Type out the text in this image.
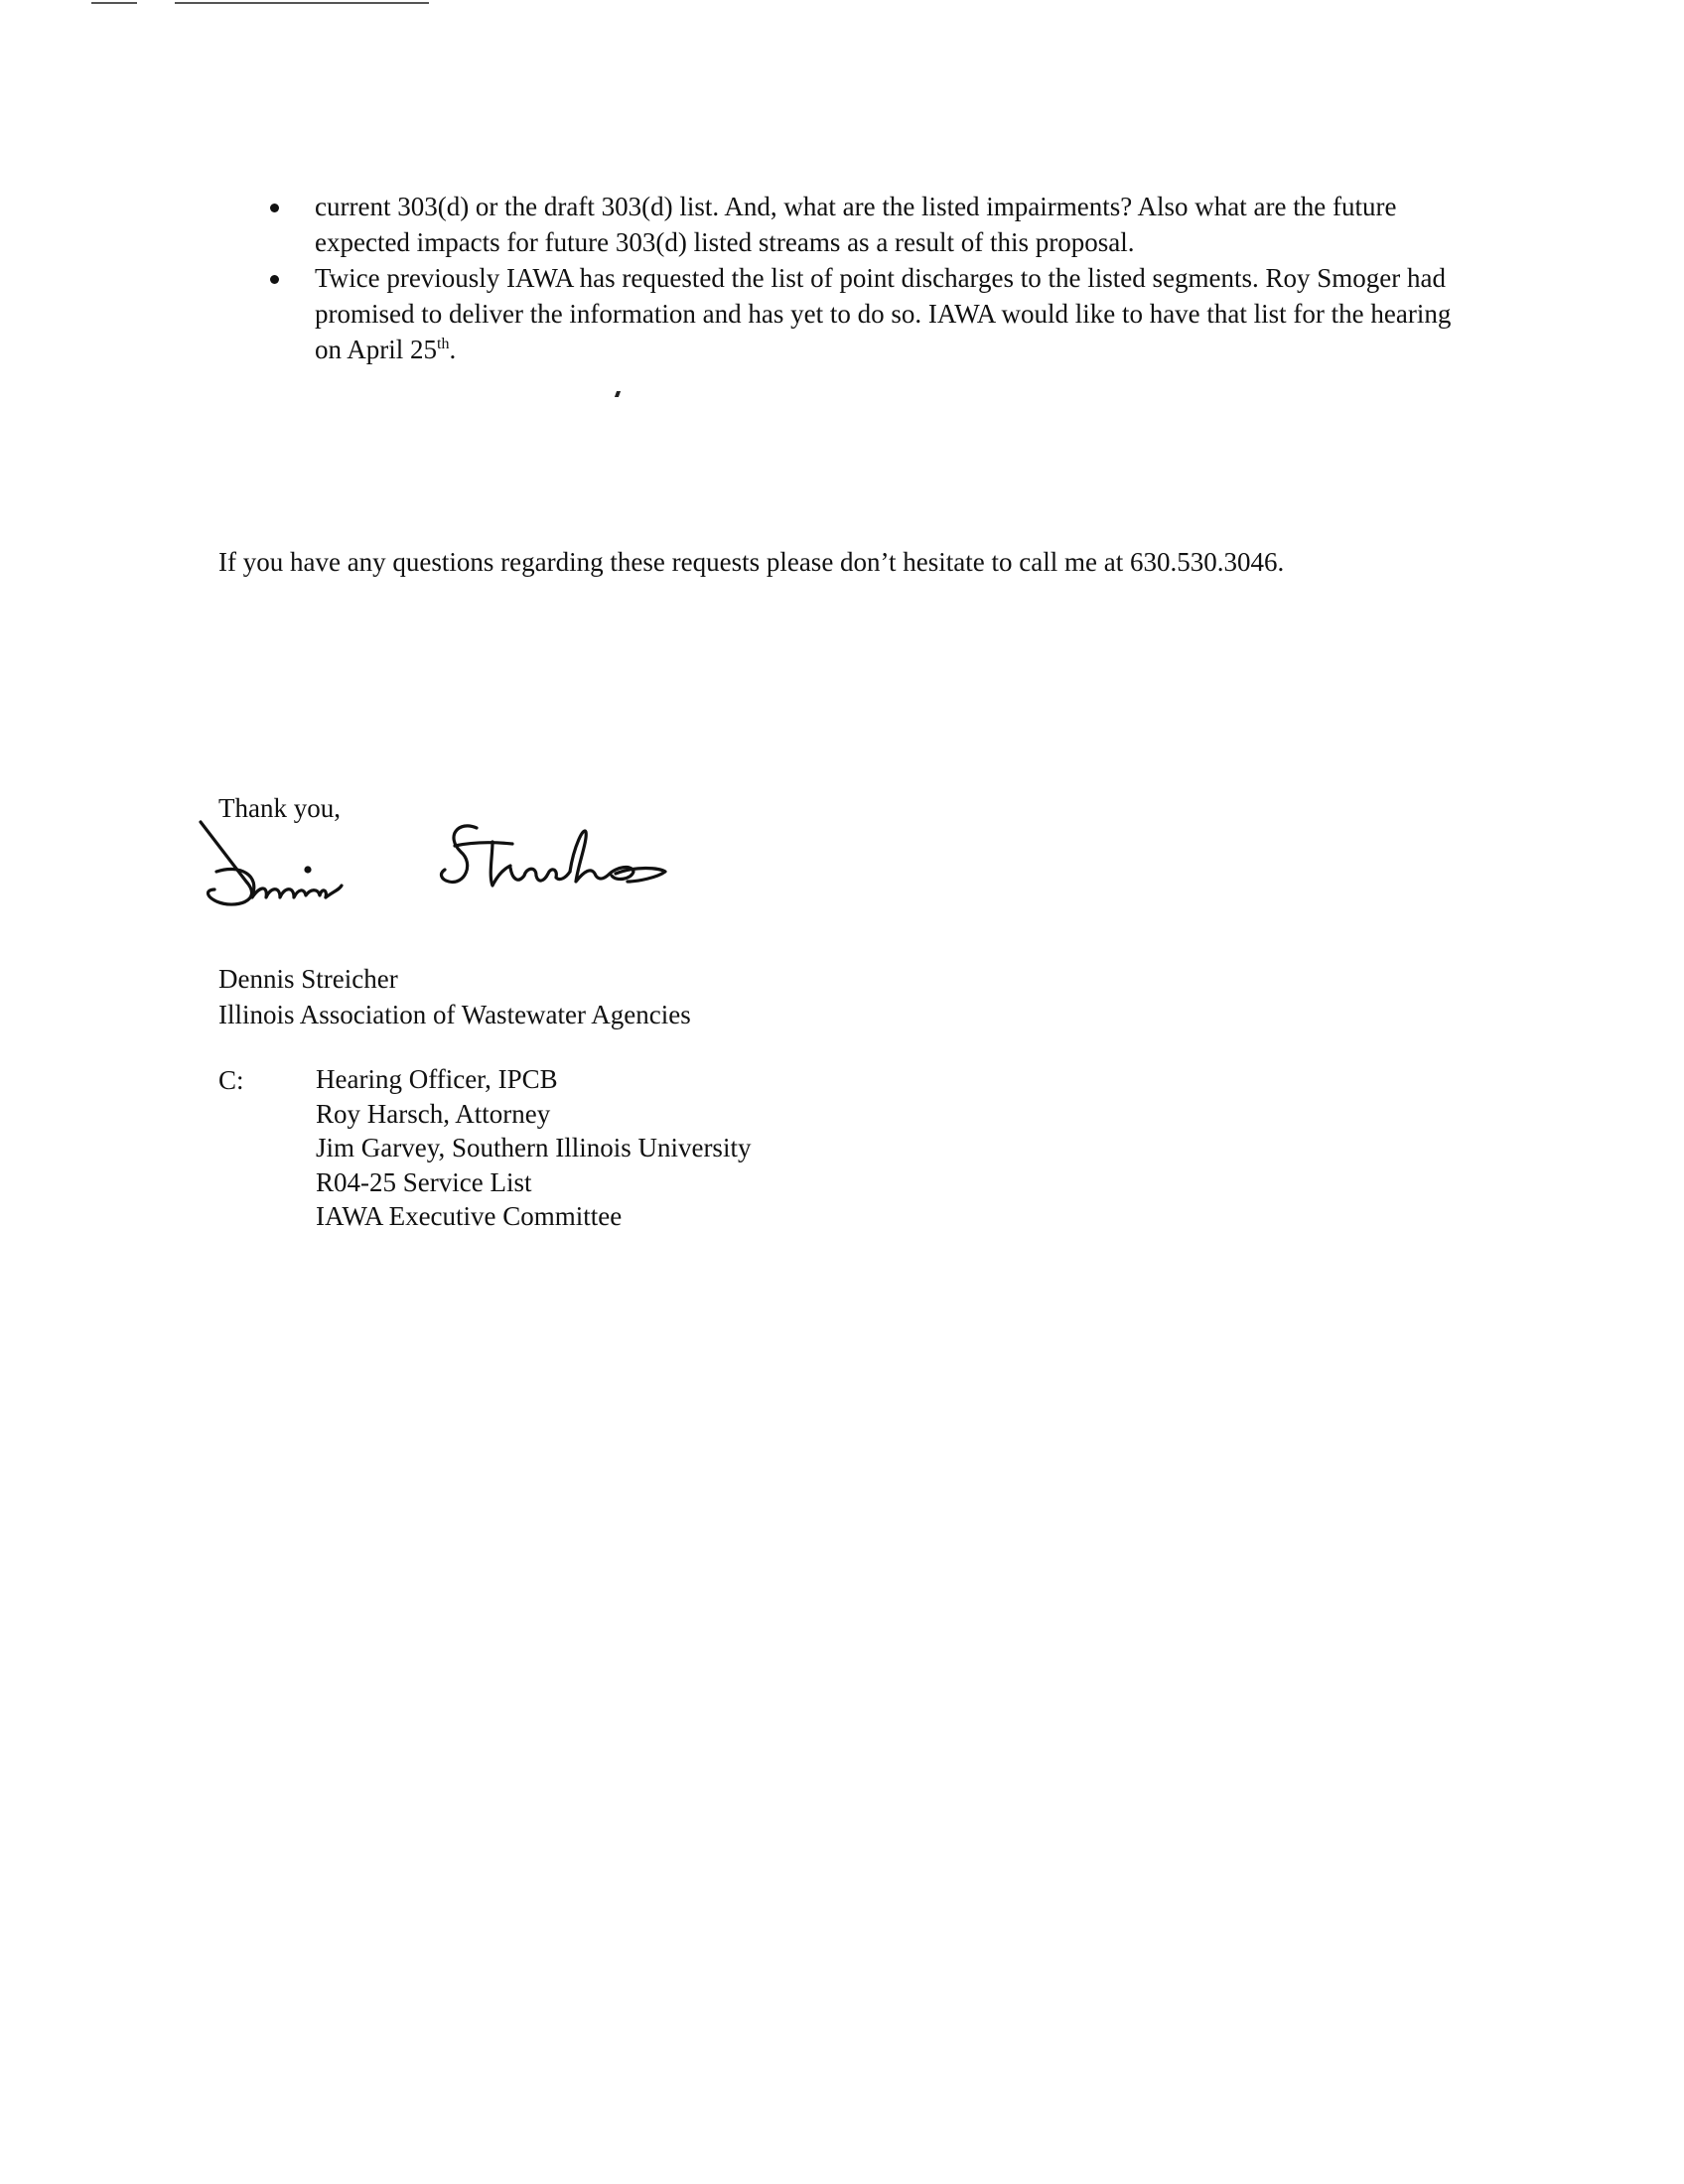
current 303(d) or the draft 303(d) list. And, what are the listed impairments? Also what are the future expected impacts for future 303(d) listed streams as a result of this proposal.
Twice previously IAWA has requested the list of point discharges to the listed segments. Roy Smoger had promised to deliver the information and has yet to do so. IAWA would like to have that list for the hearing on April 25th.
If you have any questions regarding these requests please don’t hesitate to call me at 630.530.3046.
Thank you,
Dennis Streicher
Illinois Association of Wastewater Agencies
C:	Hearing Officer, IPCB
Roy Harsch, Attorney
Jim Garvey, Southern Illinois University
R04-25 Service List
IAWA Executive Committee
